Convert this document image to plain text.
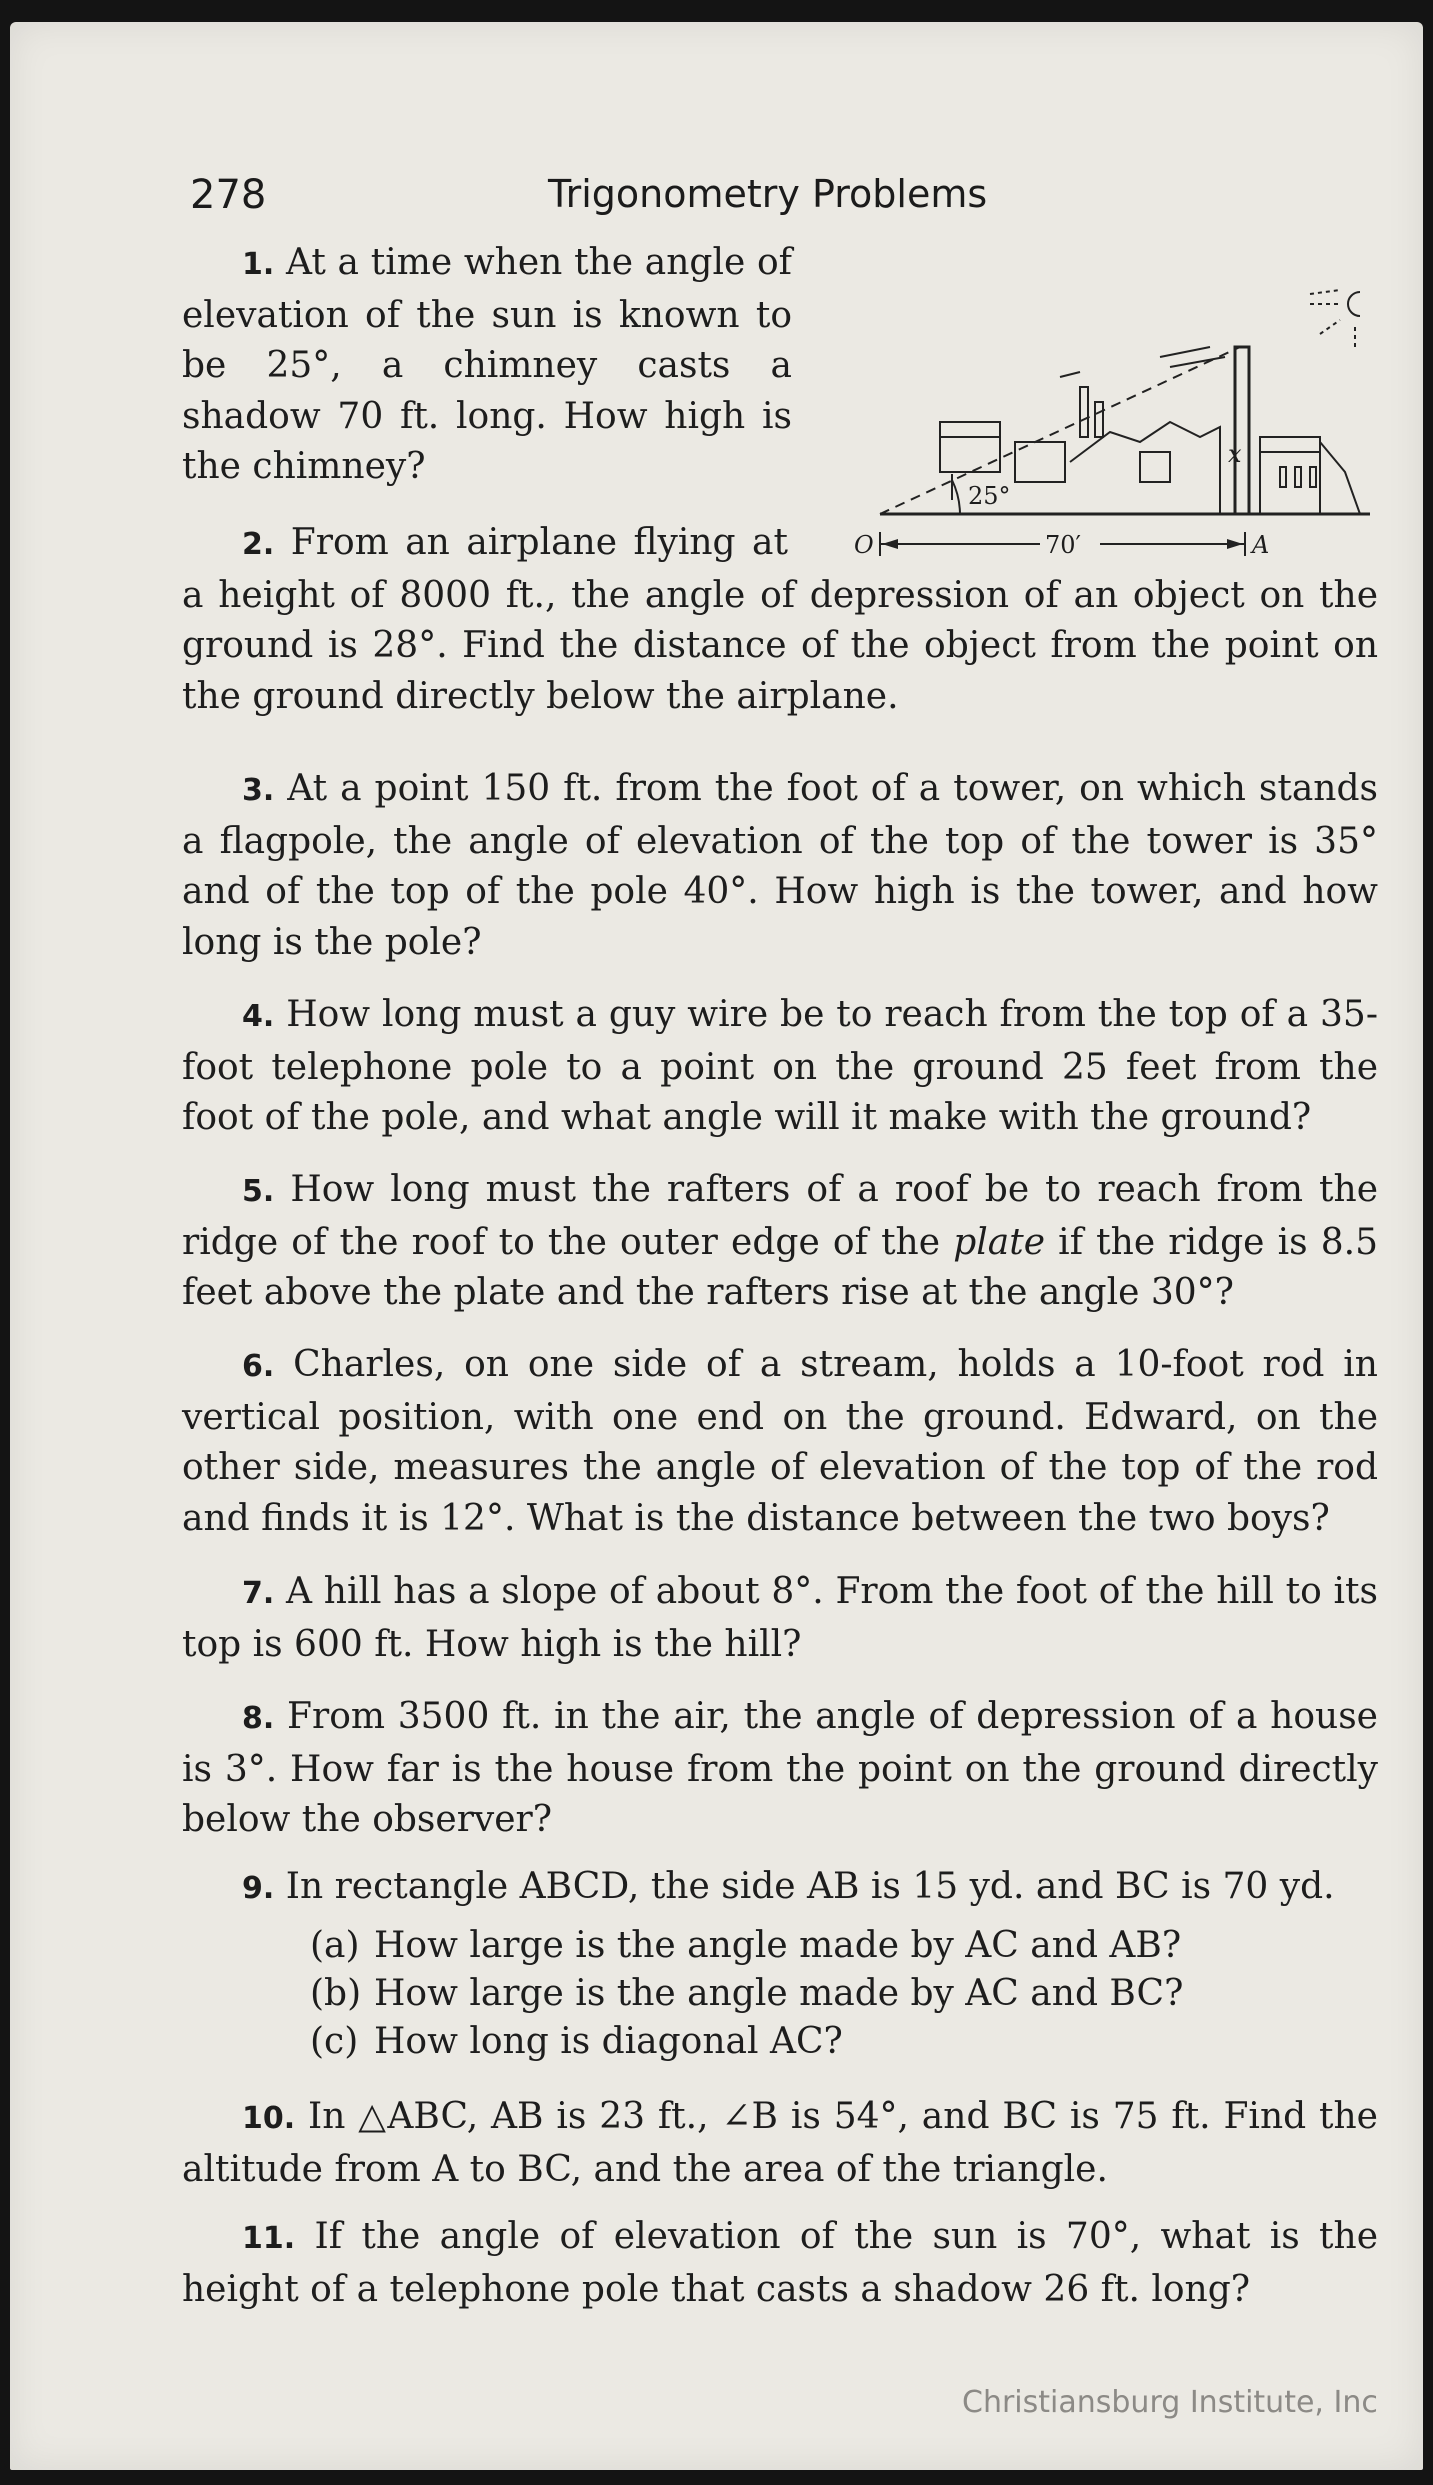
278	Trigonometry Problems
1. At a time when the angle of elevation of the sun is known to be 25°, a chimney casts a shadow 70 ft. long. How high is the chimney?
25°
x
70′
O	A
2. From an airplane flying at a height of 8000 ft., the angle of depression of an object on the ground is 28°. Find the distance of the object from the point on the ground directly below the airplane.
3. At a point 150 ft. from the foot of a tower, on which stands a flagpole, the angle of elevation of the top of the tower is 35° and of the top of the pole 40°. How high is the tower, and how long is the pole?
4. How long must a guy wire be to reach from the top of a 35-foot telephone pole to a point on the ground 25 feet from the foot of the pole, and what angle will it make with the ground?
5. How long must the rafters of a roof be to reach from the ridge of the roof to the outer edge of the plate if the ridge is 8.5 feet above the plate and the rafters rise at the angle 30°?
6. Charles, on one side of a stream, holds a 10-foot rod in vertical position, with one end on the ground. Edward, on the other side, measures the angle of elevation of the top of the rod and finds it is 12°. What is the distance between the two boys?
7. A hill has a slope of about 8°. From the foot of the hill to its top is 600 ft. How high is the hill?
8. From 3500 ft. in the air, the angle of depression of a house is 3°. How far is the house from the point on the ground directly below the observer?
9. In rectangle ABCD, the side AB is 15 yd. and BC is 70 yd.
(a) How large is the angle made by AC and AB?
(b) How large is the angle made by AC and BC?
(c) How long is diagonal AC?
10. In △ABC, AB is 23 ft., ∠B is 54°, and BC is 75 ft. Find the altitude from A to BC, and the area of the triangle.
11. If the angle of elevation of the sun is 70°, what is the height of a telephone pole that casts a shadow 26 ft. long?
Christiansburg Institute, Inc
